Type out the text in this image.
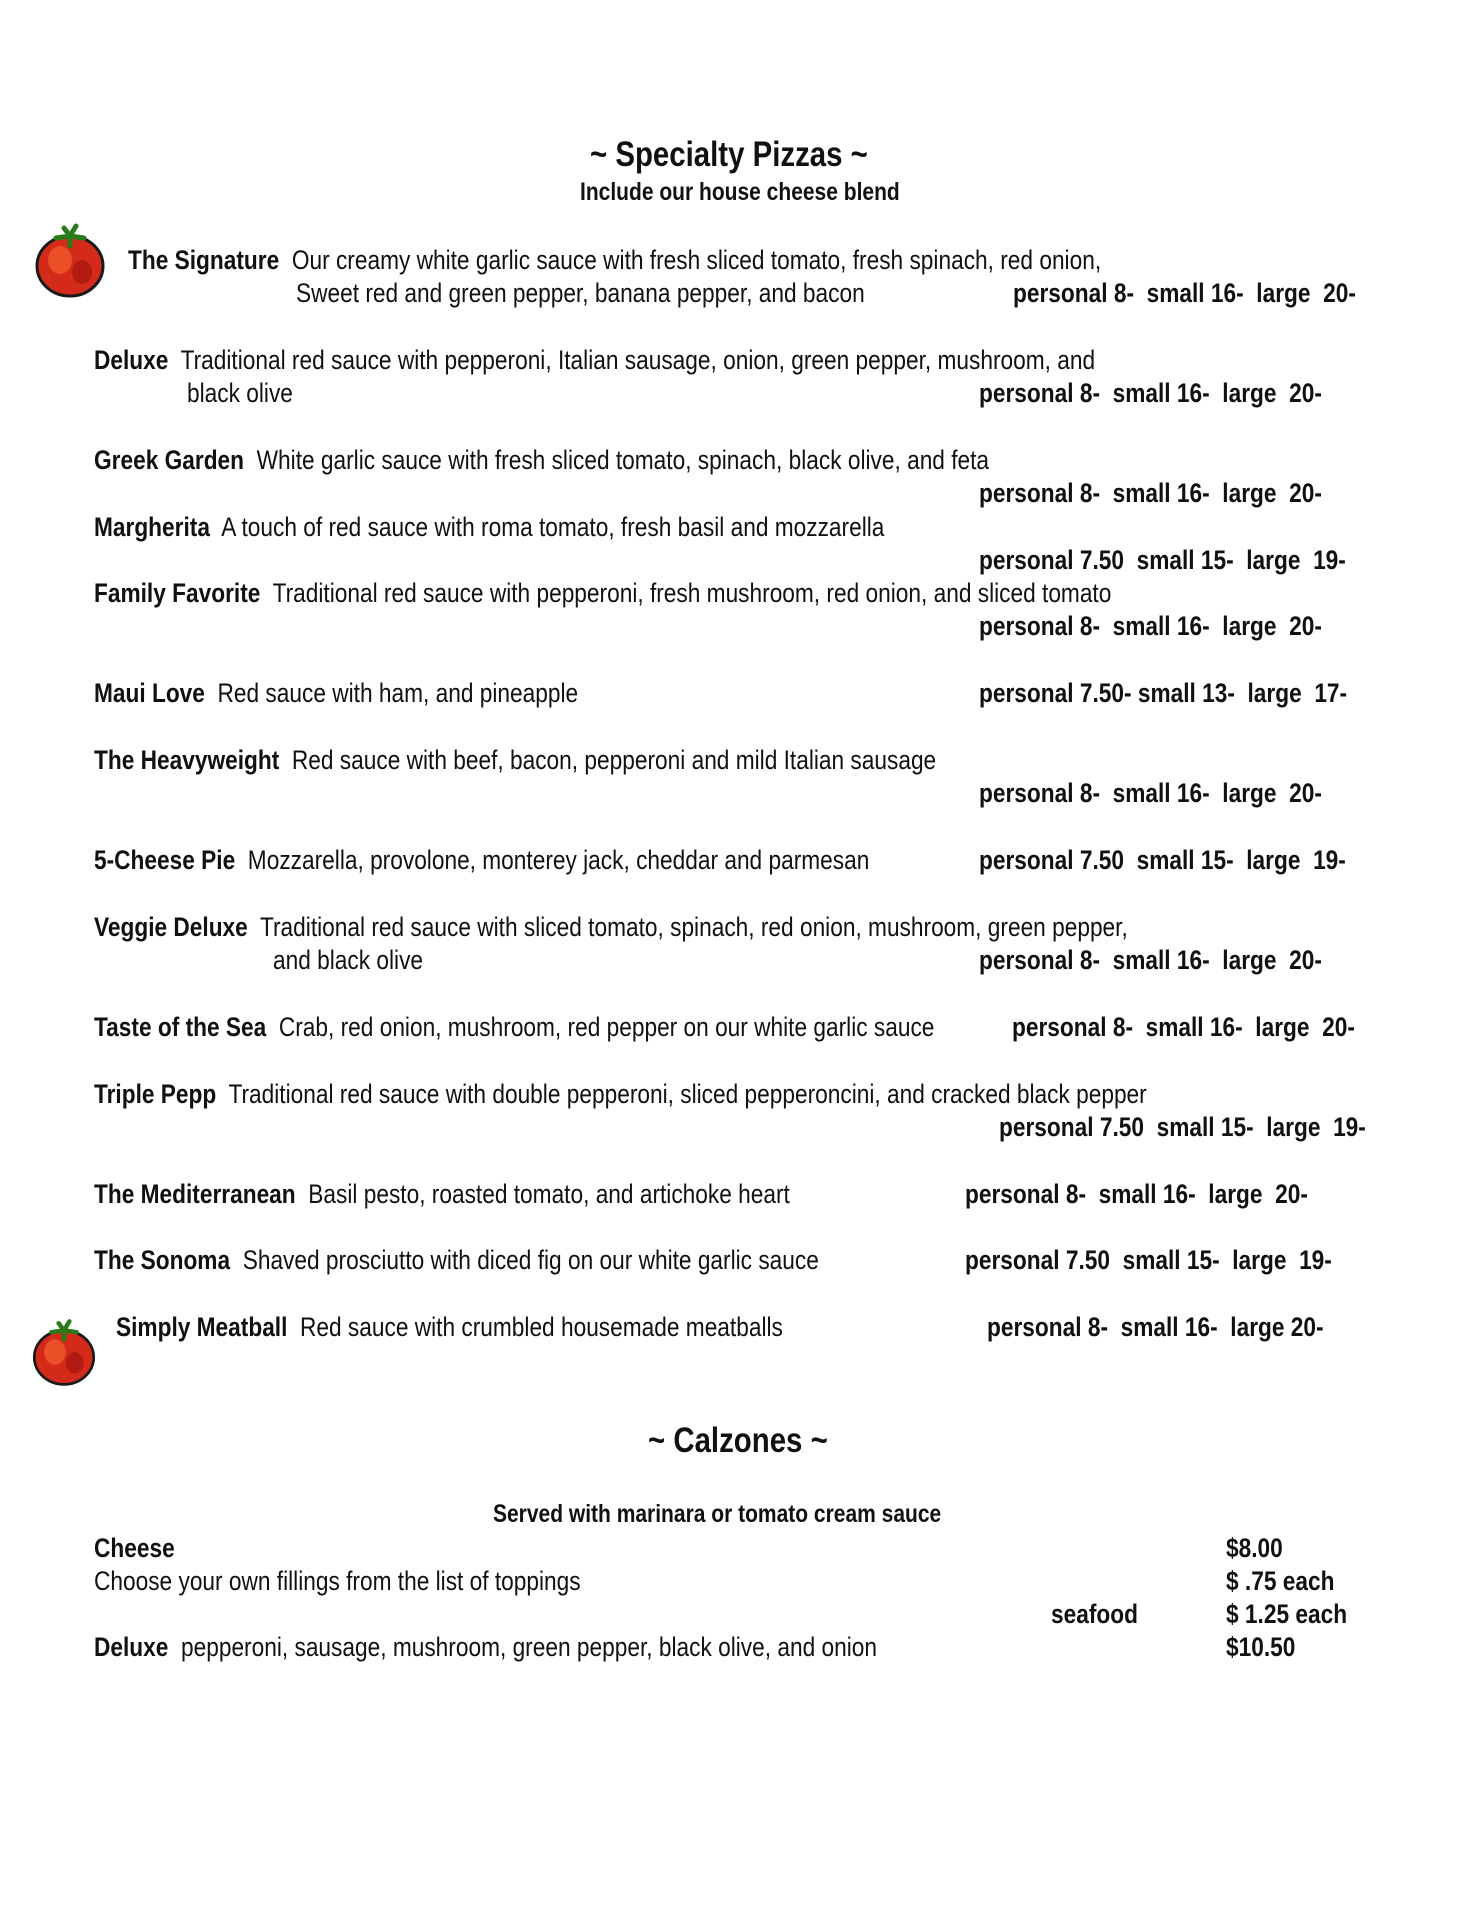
~ Specialty Pizzas ~
Include our house cheese blend
The Signature Our creamy white garlic sauce with fresh sliced tomato, fresh spinach, red onion,
Sweet red and green pepper, banana pepper, and bacon	personal 8-  small 16-  large  20-
Deluxe Traditional red sauce with pepperoni, Italian sausage, onion, green pepper, mushroom, and
black olive	personal 8-  small 16-  large  20-
Greek Garden White garlic sauce with fresh sliced tomato, spinach, black olive, and feta
personal 8-  small 16-  large  20-
Margherita A touch of red sauce with roma tomato, fresh basil and mozzarella
personal 7.50  small 15-  large  19-
Family Favorite Traditional red sauce with pepperoni, fresh mushroom, red onion, and sliced tomato
personal 8-  small 16-  large  20-
Maui Love Red sauce with ham, and pineapple	personal 7.50- small 13-  large  17-
The Heavyweight Red sauce with beef, bacon, pepperoni and mild Italian sausage
personal 8-  small 16-  large  20-
5-Cheese Pie Mozzarella, provolone, monterey jack, cheddar and parmesan	personal 7.50  small 15-  large  19-
Veggie Deluxe Traditional red sauce with sliced tomato, spinach, red onion, mushroom, green pepper,
and black olive	personal 8-  small 16-  large  20-
Taste of the Sea Crab, red onion, mushroom, red pepper on our white garlic sauce	personal 8-  small 16-  large  20-
Triple Pepp Traditional red sauce with double pepperoni, sliced pepperoncini, and cracked black pepper
personal 7.50  small 15-  large  19-
The Mediterranean Basil pesto, roasted tomato, and artichoke heart	personal 8-  small 16-  large  20-
The Sonoma Shaved prosciutto with diced fig on our white garlic sauce	personal 7.50  small 15-  large  19-
Simply Meatball Red sauce with crumbled housemade meatballs	personal 8-  small 16-  large 20-
~ Calzones ~
Served with marinara or tomato cream sauce
Cheese	$8.00
Choose your own fillings from the list of toppings	$ .75 each
seafood	$ 1.25 each
Deluxe pepperoni, sausage, mushroom, green pepper, black olive, and onion	$10.50
